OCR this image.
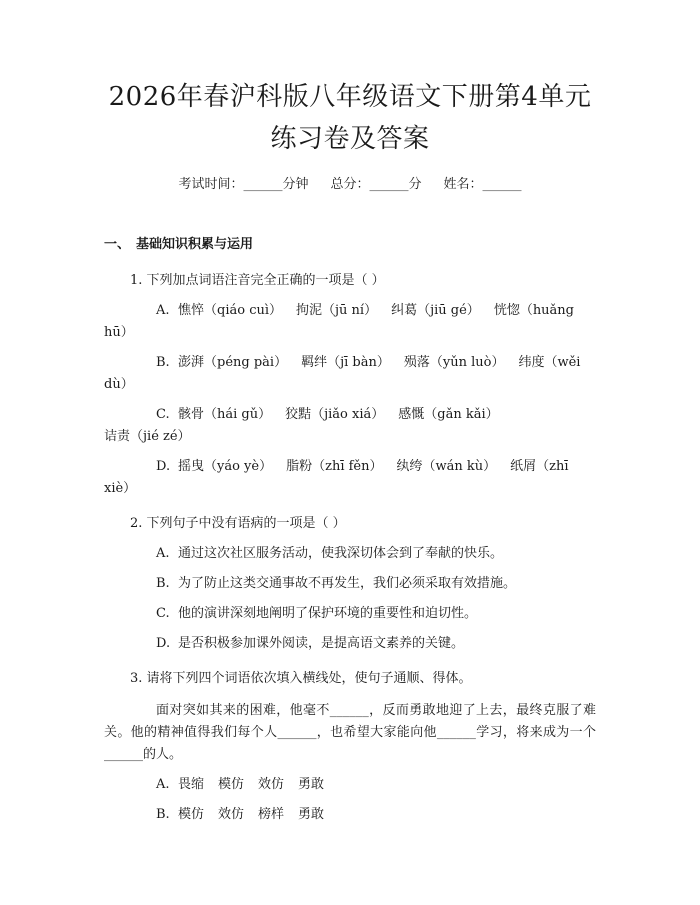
2026年春沪科版八年级语文下册第4单元练习卷及答案
考试时间：______分钟 总分：______分 姓名：______
一、 基础知识积累与运用
1. 下列加点词语注音完全正确的一项是（ ）
A. 憔悴（qiáo cuì） 拘泥（jū ní） 纠葛（jiū gé） 恍惚（huǎng hū）
B. 澎湃（péng pài） 羁绊（jī bàn） 殒落（yǔn luò） 纬度（wěi dù）
C. 骸骨（hái gǔ） 狡黠（jiǎo xiá） 感慨（gǎn kǎi）诘责（jié zé）
D. 摇曳（yáo yè） 脂粉（zhī fěn） 纨绔（wán kù） 纸屑（zhī xiè）
2. 下列句子中没有语病的一项是（ ）
A. 通过这次社区服务活动，使我深切体会到了奉献的快乐。
B. 为了防止这类交通事故不再发生，我们必须采取有效措施。
C. 他的演讲深刻地阐明了保护环境的重要性和迫切性。
D. 是否积极参加课外阅读，是提高语文素养的关键。
3. 请将下列四个词语依次填入横线处，使句子通顺、得体。
面对突如其来的困难，他毫不______，反而勇敢地迎了上去，最终克服了难关。他的精神值得我们每个人______，也希望大家能向他______学习，将来成为一个______的人。
A. 畏缩 模仿 效仿 勇敢
B. 模仿 效仿 榜样 勇敢
